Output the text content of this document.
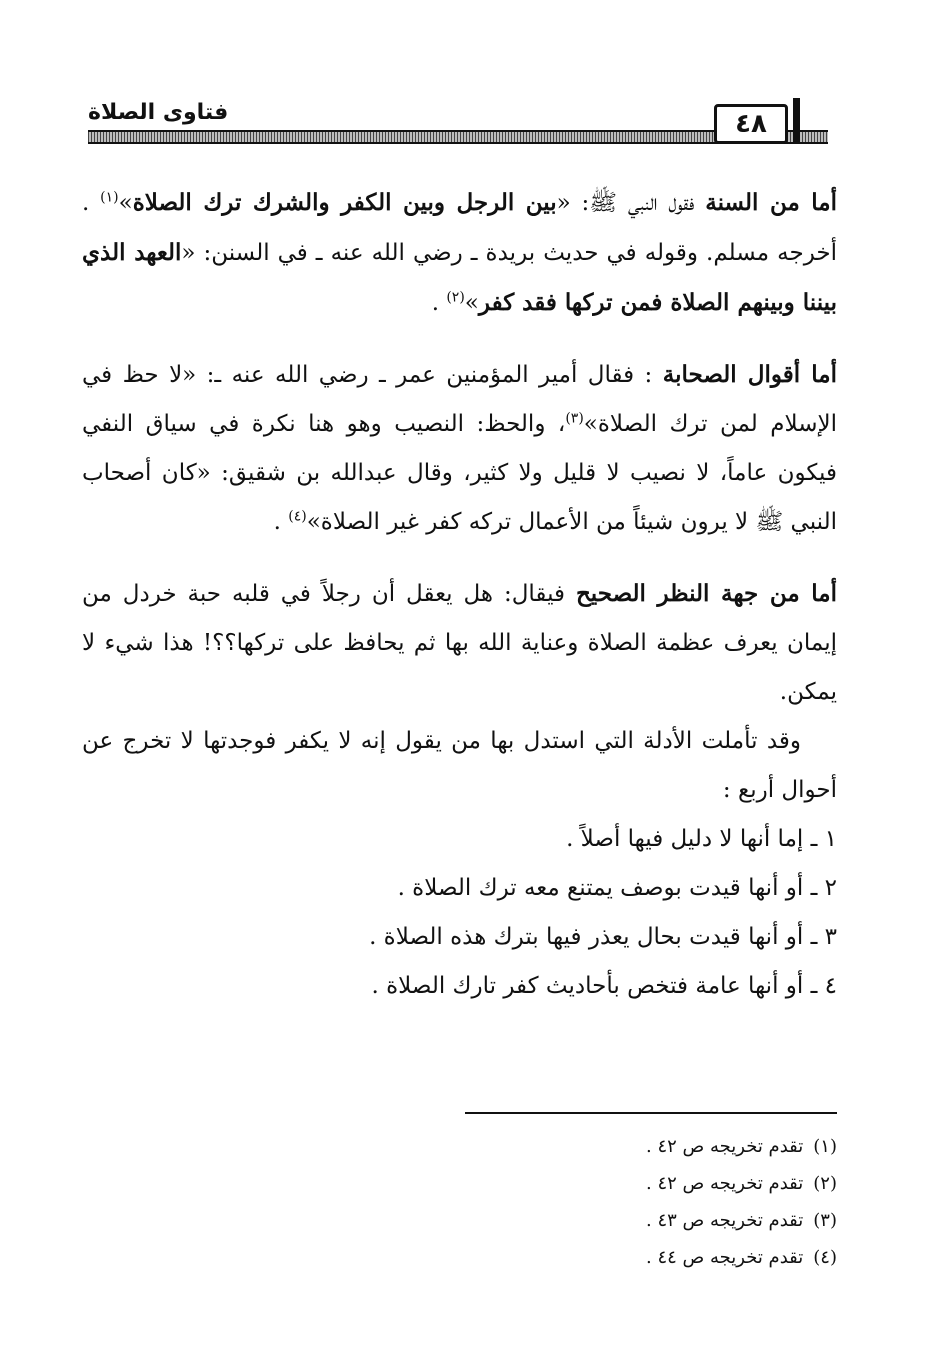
٤٨
فتاوى الصلاة

أما من السنة فقول النبي ﷺ: «بين الرجل وبين الكفر والشرك ترك الصلاة»$^{(١)}$ . أخرجه مسلم. وقوله في حديث بريدة ـ رضي الله عنه ـ في السنن: «العهد الذي بيننا وبينهم الصلاة فمن تركها فقد كفر»$^{(٢)}$ .

أما أقوال الصحابة : فقال أمير المؤمنين عمر ـ رضي الله عنه ـ: «لا حظ في الإسلام لمن ترك الصلاة»$^{(٣)}$، والحظ: النصيب وهو هنا نكرة في سياق النفي فيكون عاماً، لا نصيب لا قليل ولا كثير، وقال عبدالله بن شقيق: «كان أصحاب النبي ﷺ لا يرون شيئاً من الأعمال تركه كفر غير الصلاة»$^{(٤)}$ .

أما من جهة النظر الصحيح فيقال: هل يعقل أن رجلاً في قلبه حبة خردل من إيمان يعرف عظمة الصلاة وعناية الله بها ثم يحافظ على تركها؟؟! هذا شيء لا يمكن.

وقد تأملت الأدلة التي استدل بها من يقول إنه لا يكفر فوجدتها لا تخرج عن أحوال أربع :

١ ـ إما أنها لا دليل فيها أصلاً .

٢ ـ أو أنها قيدت بوصف يمتنع معه ترك الصلاة .

٣ ـ أو أنها قيدت بحال يعذر فيها بترك هذه الصلاة .

٤ ـ أو أنها عامة فتخص بأحاديث كفر تارك الصلاة .

(١)تقدم تخريجه ص ٤٢ .
(٢)تقدم تخريجه ص ٤٢ .
(٣)تقدم تخريجه ص ٤٣ .
(٤)تقدم تخريجه ص ٤٤ .
